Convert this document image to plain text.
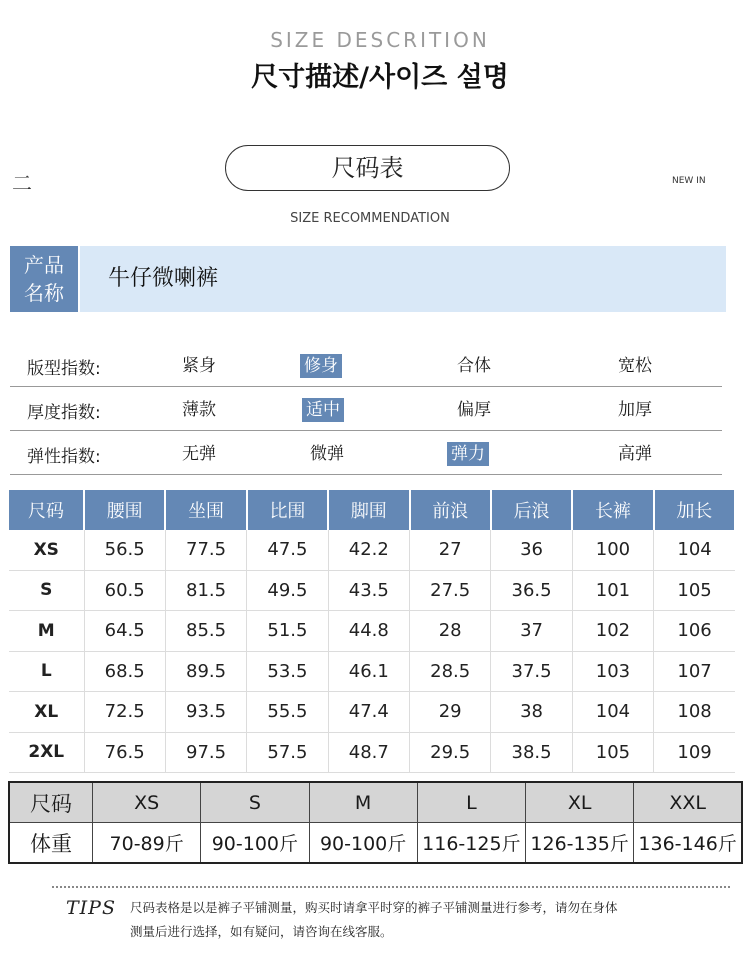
SIZE DESCRITION
尺寸描述/사이즈 설명
二
尺码表	NEW IN
SIZE RECOMMENDATION
产品
名称
牛仔微喇裤
版型指数:	紧身	修身	合体	宽松
厚度指数:	薄款	适中	偏厚	加厚
弹性指数:	无弹	微弹	弹力	高弹
尺码	腰围	坐围	比围	脚围	前浪	后浪	长裤	加长
XS	56.5	77.5	47.5	42.2	27	36	100	104
S	60.5	81.5	49.5	43.5	27.5	36.5	101	105
M	64.5	85.5	51.5	44.8	28	37	102	106
L	68.5	89.5	53.5	46.1	28.5	37.5	103	107
XL	72.5	93.5	55.5	47.4	29	38	104	108
2XL	76.5	97.5	57.5	48.7	29.5	38.5	105	109
尺码	XS	S	M	L	XL	XXL
体重	70-89斤	90-100斤	90-100斤	116-125斤	126-135斤	136-146斤
TIPS 尺码表格是以是裤子平铺测量，购买时请拿平时穿的裤子平铺测量进行参考，请勿在身体
测量后进行选择，如有疑问，请咨询在线客服。
